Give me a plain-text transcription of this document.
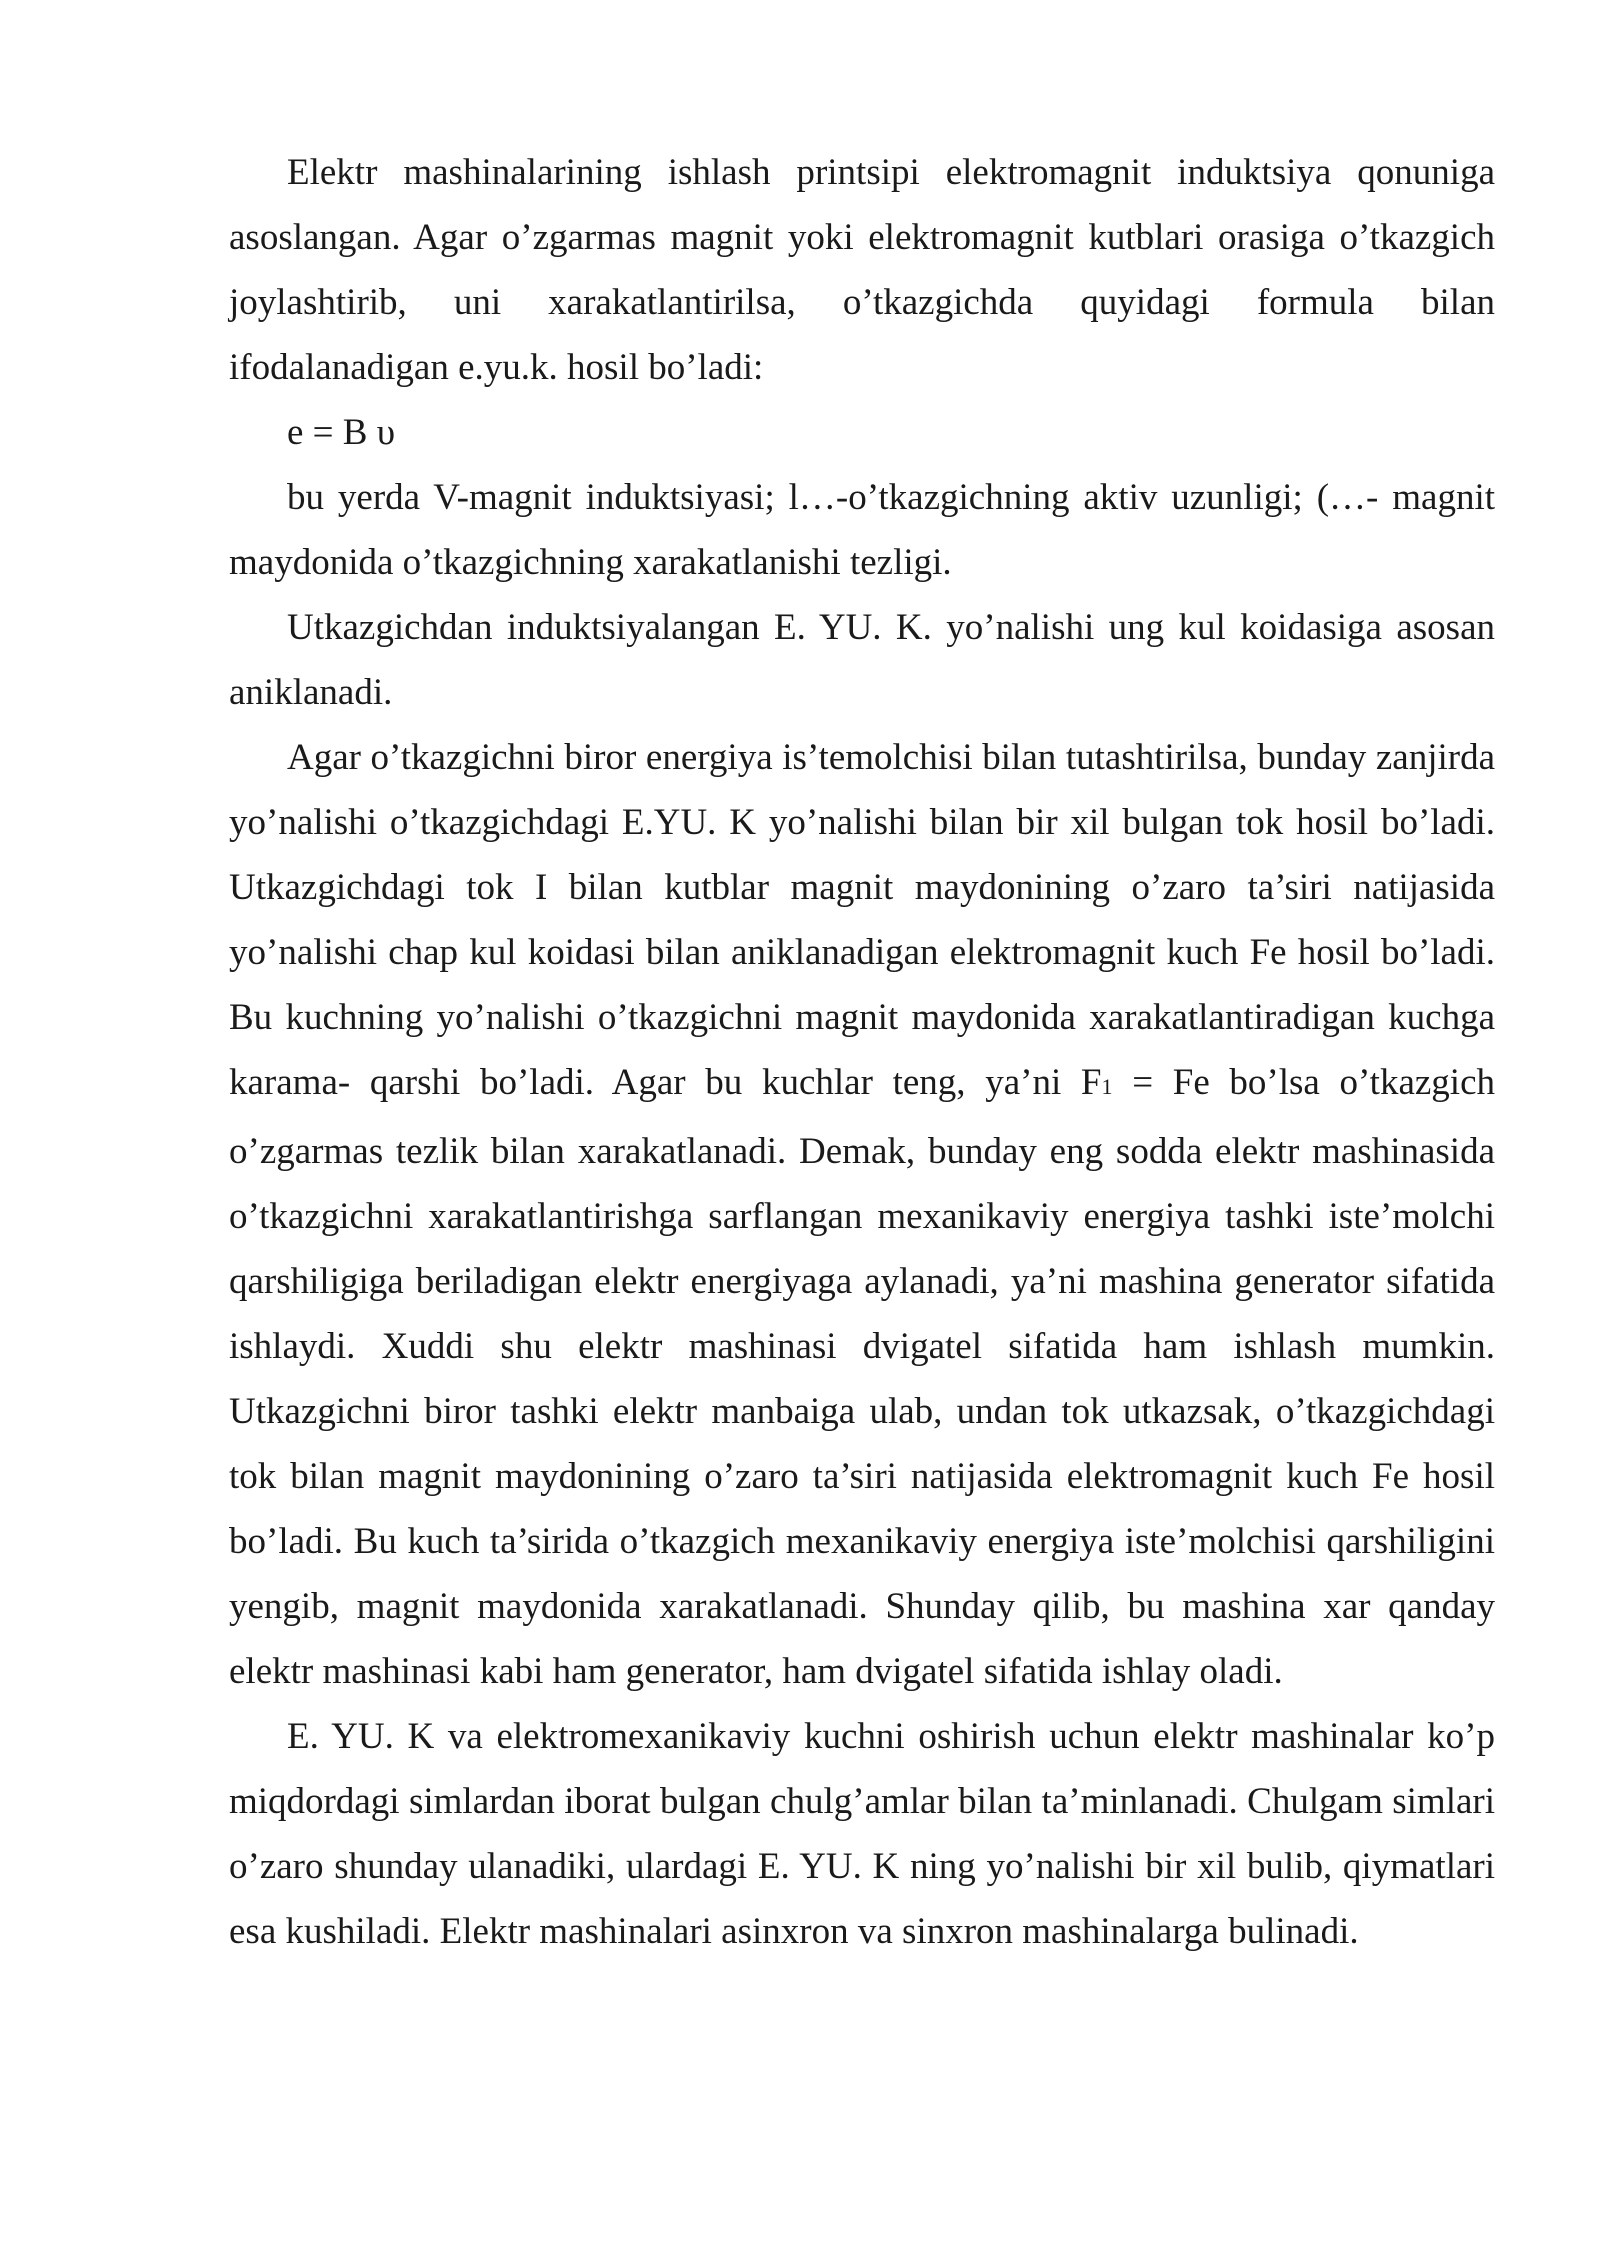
Elektr mashinalarining ishlash printsipi elektromagnit induktsiya qonuniga asoslangan. Agar o’zgarmas magnit yoki elektromagnit kutblari orasiga o’tkazgich joylashtirib, uni xarakatlantirilsa, o’tkazgichda quyidagi formula bilan ifodalanadigan e.yu.k. hosil bo’ladi:

e = B υ

bu yerda V-magnit induktsiyasi; l…-o’tkazgichning aktiv uzunligi; (…- magnit maydonida o’tkazgichning xarakatlanishi tezligi.

Utkazgichdan induktsiyalangan E. YU. K. yo’nalishi ung kul koidasiga asosan aniklanadi.

Agar o’tkazgichni biror energiya is’temolchisi bilan tutashtirilsa, bunday zanjirda yo’nalishi o’tkazgichdagi E.YU. K yo’nalishi bilan bir xil bulgan tok hosil bo’ladi. Utkazgichdagi tok I bilan kutblar magnit maydonining o’zaro ta’siri natijasida yo’nalishi chap kul koidasi bilan aniklanadigan elektromagnit kuch Fe hosil bo’ladi. Bu kuchning yo’nalishi o’tkazgichni magnit maydonida xarakatlantiradigan kuchga karama- qarshi bo’ladi. Agar bu kuchlar teng, ya’ni F1 = Fe bo’lsa o’tkazgich o’zgarmas tezlik bilan xarakatlanadi. Demak, bunday eng sodda elektr mashinasida o’tkazgichni xarakatlantirishga sarflangan mexanikaviy energiya tashki iste’molchi qarshiligiga beriladigan elektr energiyaga aylanadi, ya’ni mashina generator sifatida ishlaydi. Xuddi shu elektr mashinasi dvigatel sifatida ham ishlash mumkin. Utkazgichni biror tashki elektr manbaiga ulab, undan tok utkazsak, o’tkazgichdagi tok bilan magnit maydonining o’zaro ta’siri natijasida elektromagnit kuch Fe hosil bo’ladi. Bu kuch ta’sirida o’tkazgich mexanikaviy energiya iste’molchisi qarshiligini yengib, magnit maydonida xarakatlanadi. Shunday qilib, bu mashina xar qanday elektr mashinasi kabi ham generator, ham dvigatel sifatida ishlay oladi.

E. YU. K va elektromexanikaviy kuchni oshirish uchun elektr mashinalar ko’p miqdordagi simlardan iborat bulgan chulg’amlar bilan ta’minlanadi. Chulgam simlari o’zaro shunday ulanadiki, ulardagi E. YU. K ning yo’nalishi bir xil bulib, qiymatlari esa kushiladi. Elektr mashinalari asinxron va sinxron mashinalarga bulinadi.
